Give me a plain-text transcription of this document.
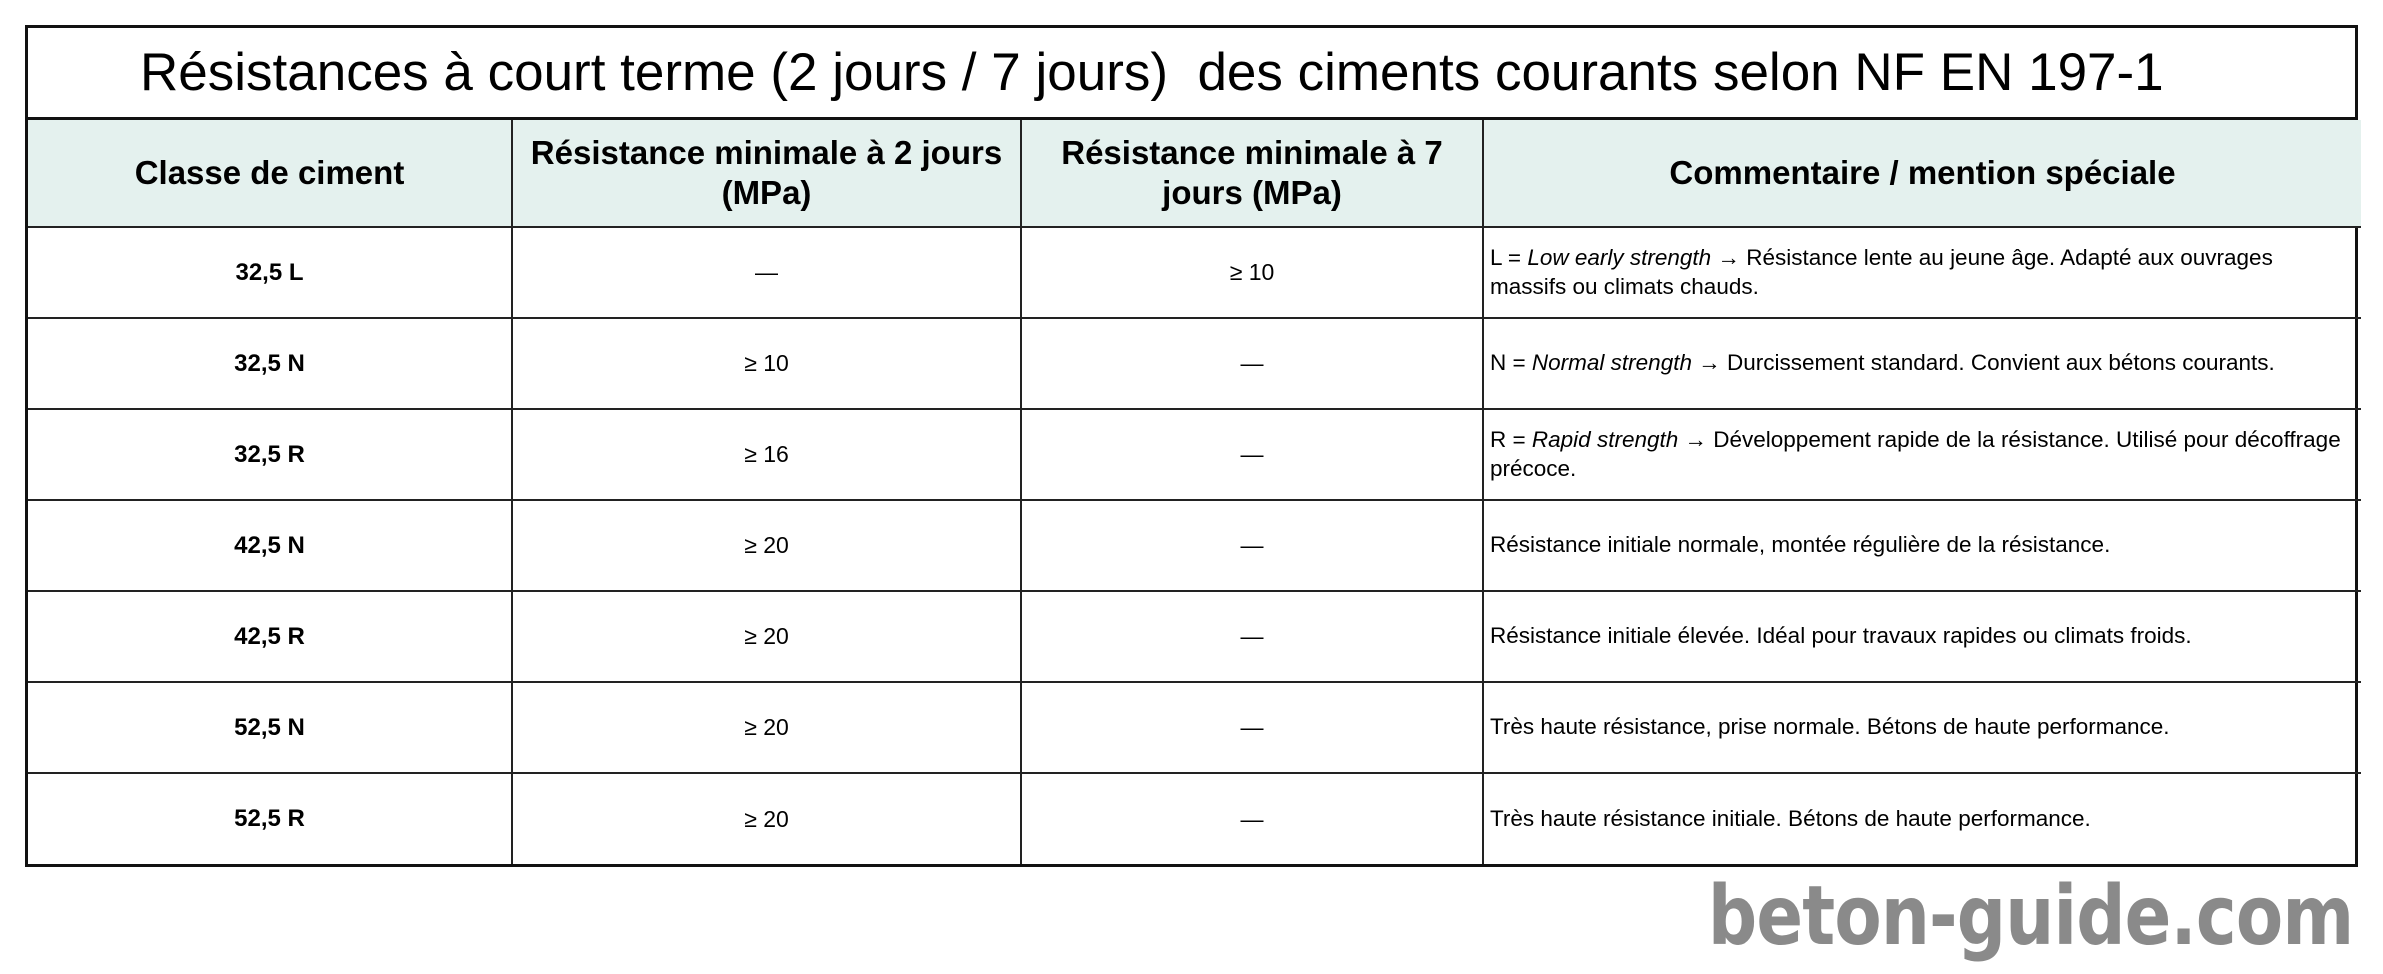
Résistances à court terme (2 jours / 7 jours)  des ciments courants selon NF EN 197-1
Classe de ciment	Résistance minimale à 2 jours (MPa)	Résistance minimale à 7 jours (MPa)	Commentaire / mention spéciale
32,5 L	—	≥ 10	L = Low early strength → Résistance lente au jeune âge. Adapté aux ouvrages massifs ou climats chauds.
32,5 N	≥ 10	—	N = Normal strength → Durcissement standard. Convient aux bétons courants.
32,5 R	≥ 16	—	R = Rapid strength → Développement rapide de la résistance. Utilisé pour décoffrage précoce.
42,5 N	≥ 20	—	Résistance initiale normale, montée régulière de la résistance.
42,5 R	≥ 20	—	Résistance initiale élevée. Idéal pour travaux rapides ou climats froids.
52,5 N	≥ 20	—	Très haute résistance, prise normale. Bétons de haute performance.
52,5 R	≥ 20	—	Très haute résistance initiale. Bétons de haute performance.
beton-guide.com
